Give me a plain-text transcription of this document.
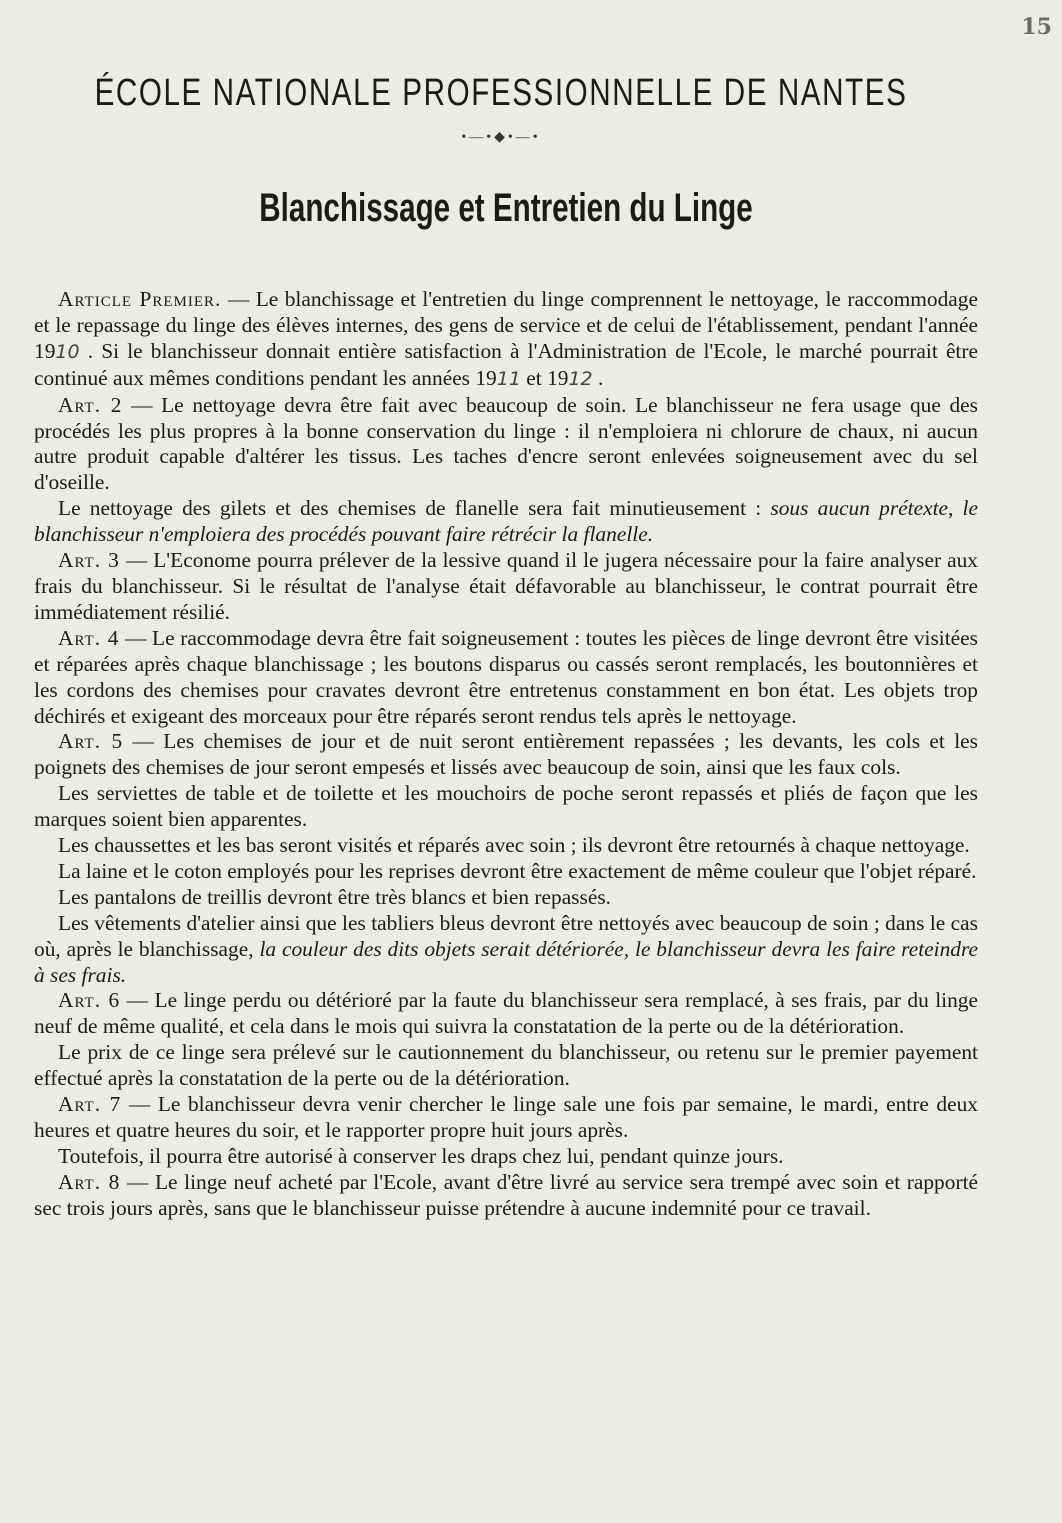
15
ÉCOLE NATIONALE PROFESSIONNELLE DE NANTES
•—•◆•—•
Blanchissage et Entretien du Linge

Article Premier. — Le blanchissage et l'entretien du linge comprennent le nettoyage, le raccommodage et le repassage du linge des élèves internes, des gens de service et de celui de l'établissement, pendant l'année 1910 . Si le blanchisseur donnait entière satisfaction à l'Administration de l'Ecole, le marché pourrait être continué aux mêmes conditions pendant les années 1911 et 1912 .

Art. 2 — Le nettoyage devra être fait avec beaucoup de soin. Le blanchisseur ne fera usage que des procédés les plus propres à la bonne conservation du linge : il n'emploiera ni chlorure de chaux, ni aucun autre produit capable d'altérer les tissus. Les taches d'encre seront enlevées soigneusement avec du sel d'oseille.

Le nettoyage des gilets et des chemises de flanelle sera fait minutieusement : sous aucun prétexte, le blanchisseur n'emploiera des procédés pouvant faire rétrécir la flanelle.

Art. 3 — L'Econome pourra prélever de la lessive quand il le jugera nécessaire pour la faire analyser aux frais du blanchisseur. Si le résultat de l'analyse était défavorable au blanchisseur, le contrat pourrait être immédiatement résilié.

Art. 4 — Le raccommodage devra être fait soigneusement : toutes les pièces de linge devront être visitées et réparées après chaque blanchissage ; les boutons disparus ou cassés seront remplacés, les boutonnières et les cordons des chemises pour cravates devront être entretenus constamment en bon état. Les objets trop déchirés et exigeant des morceaux pour être réparés seront rendus tels après le nettoyage.

Art. 5 — Les chemises de jour et de nuit seront entièrement repassées ; les devants, les cols et les poignets des chemises de jour seront empesés et lissés avec beaucoup de soin, ainsi que les faux cols.

Les serviettes de table et de toilette et les mouchoirs de poche seront repassés et pliés de façon que les marques soient bien apparentes.

Les chaussettes et les bas seront visités et réparés avec soin ; ils devront être retournés à chaque nettoyage.

La laine et le coton employés pour les reprises devront être exactement de même couleur que l'objet réparé.

Les pantalons de treillis devront être très blancs et bien repassés.

Les vêtements d'atelier ainsi que les tabliers bleus devront être nettoyés avec beaucoup de soin ; dans le cas où, après le blanchissage, la couleur des dits objets serait détériorée, le blanchisseur devra les faire reteindre à ses frais.

Art. 6 — Le linge perdu ou détérioré par la faute du blanchisseur sera remplacé, à ses frais, par du linge neuf de même qualité, et cela dans le mois qui suivra la constatation de la perte ou de la détérioration.

Le prix de ce linge sera prélevé sur le cautionnement du blanchisseur, ou retenu sur le premier payement effectué après la constatation de la perte ou de la détérioration.

Art. 7 — Le blanchisseur devra venir chercher le linge sale une fois par semaine, le mardi, entre deux heures et quatre heures du soir, et le rapporter propre huit jours après.

Toutefois, il pourra être autorisé à conserver les draps chez lui, pendant quinze jours.

Art. 8 — Le linge neuf acheté par l'Ecole, avant d'être livré au service sera trempé avec soin et rapporté sec trois jours après, sans que le blanchisseur puisse prétendre à aucune indemnité pour ce travail.
